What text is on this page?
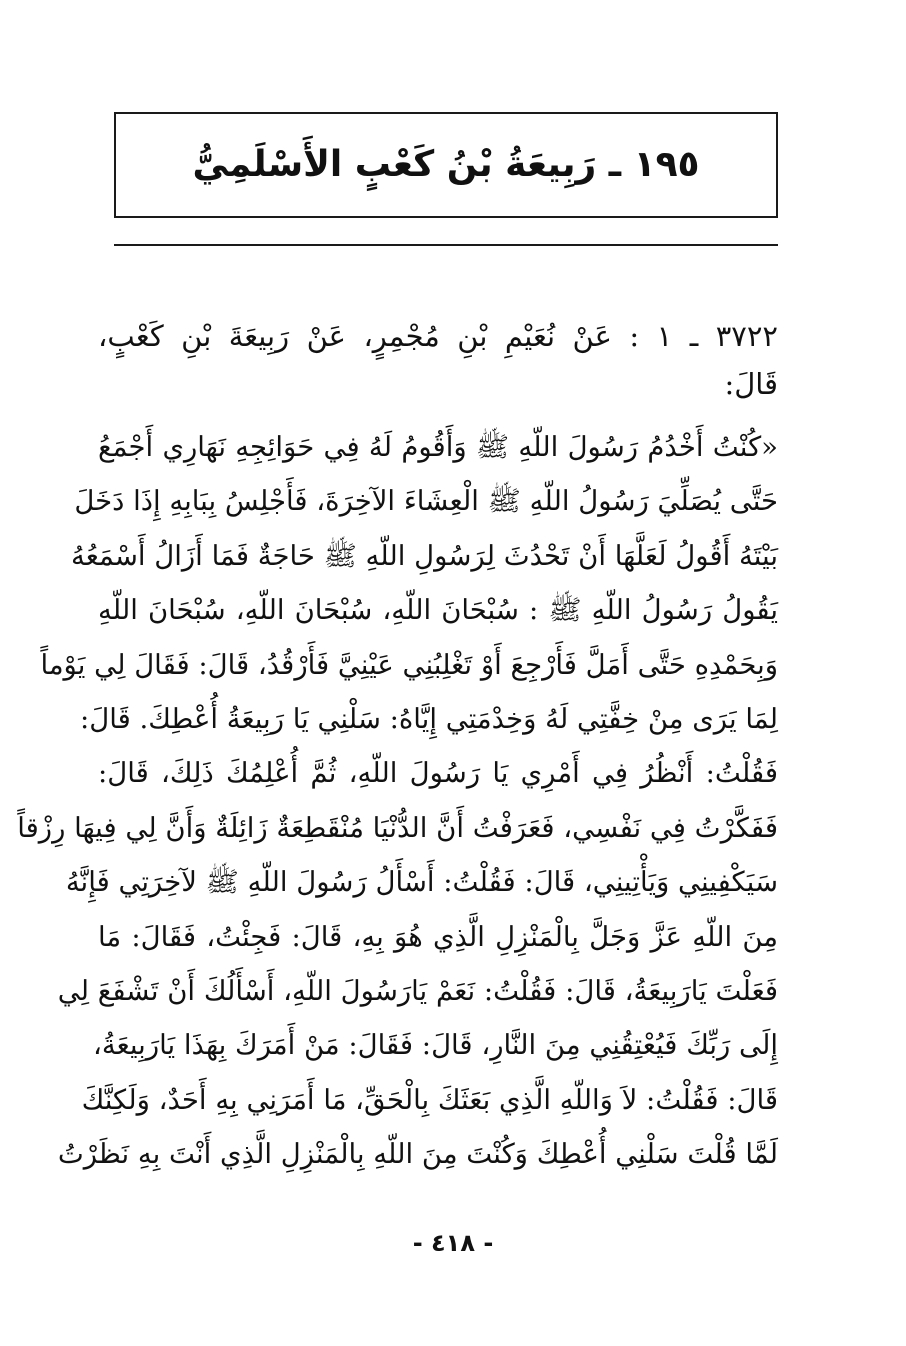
١٩٥ ـ رَبِيعَةُ بْنُ كَعْبٍ الأَسْلَمِيُّ
٣٧٢٢ ـ ١ : عَنْ نُعَيْمِ بْنِ مُجْمِرٍ، عَنْ رَبِيعَةَ بْنِ كَعْبٍ،
قَالَ:
«كُنْتُ أَخْدُمُ رَسُولَ اللّهِ ﷺ وَأَقُومُ لَهُ فِي حَوَائِجِهِ نَهَارِي أَجْمَعُ
حَتَّى يُصَلِّيَ رَسُولُ اللّهِ ﷺ الْعِشَاءَ الآخِرَةَ، فَأَجْلِسُ بِبَابِهِ إِذَا دَخَلَ
بَيْتَهُ أَقُولُ لَعَلَّهَا أَنْ تَحْدُثَ لِرَسُولِ اللّهِ ﷺ حَاجَةٌ فَمَا أَزَالُ أَسْمَعُهُ
يَقُولُ رَسُولُ اللّهِ ﷺ : سُبْحَانَ اللّهِ، سُبْحَانَ اللّهِ، سُبْحَانَ اللّهِ
وَبِحَمْدِهِ حَتَّى أَمَلَّ فَأَرْجِعَ أَوْ تَغْلِبُنِي عَيْنِيَّ فَأَرْقُدُ، قَالَ: فَقَالَ لِي يَوْماً
لِمَا يَرَى مِنْ خِفَّتِي لَهُ وَخِدْمَتِي إِيَّاهُ: سَلْنِي يَا رَبِيعَةُ أُعْطِكَ. قَالَ:
فَقُلْتُ: أَنْظُرُ فِي أَمْرِي يَا رَسُولَ اللّهِ، ثُمَّ أُعْلِمُكَ ذَلِكَ، قَالَ:
فَفَكَّرْتُ فِي نَفْسِي، فَعَرَفْتُ أَنَّ الدُّنْيَا مُنْقَطِعَةٌ زَائِلَةٌ وَأَنَّ لِي فِيهَا رِزْقاً
سَيَكْفِينِي وَيَأْتِينِي، قَالَ: فَقُلْتُ: أَسْأَلُ رَسُولَ اللّهِ ﷺ لآخِرَتِي فَإِنَّهُ
مِنَ اللّهِ عَزَّ وَجَلَّ بِالْمَنْزِلِ الَّذِي هُوَ بِهِ، قَالَ: فَجِئْتُ، فَقَالَ: مَا
فَعَلْتَ يَارَبِيعَةُ، قَالَ: فَقُلْتُ: نَعَمْ يَارَسُولَ اللّهِ، أَسْأَلُكَ أَنْ تَشْفَعَ لِي
إِلَى رَبِّكَ فَيُعْتِقُنِي مِنَ النَّارِ، قَالَ: فَقَالَ: مَنْ أَمَرَكَ بِهَذَا يَارَبِيعَةُ،
قَالَ: فَقُلْتُ: لاَ وَاللّهِ الَّذِي بَعَثَكَ بِالْحَقِّ، مَا أَمَرَنِي بِهِ أَحَدٌ، وَلَكِنَّكَ
لَمَّا قُلْتَ سَلْنِي أُعْطِكَ وَكُنْتَ مِنَ اللّهِ بِالْمَنْزِلِ الَّذِي أَنْتَ بِهِ نَظَرْتُ
- ٤١٨ -
